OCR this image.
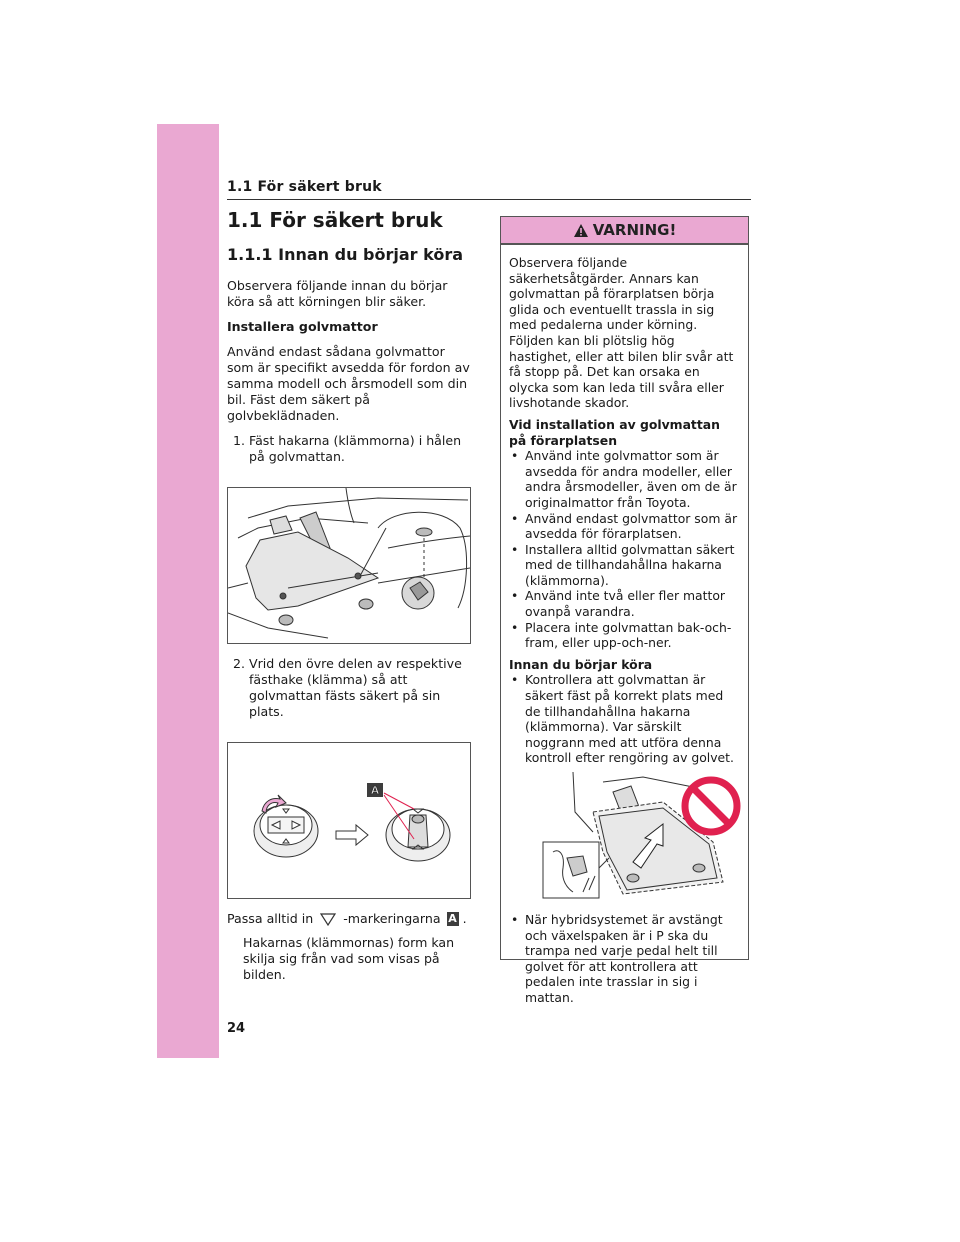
1.1 För säkert bruk
1.1 För säkert bruk
1.1.1 Innan du börjar köra
Observera följande innan du börjar köra så att körningen blir säker.
Installera golvmattor
Använd endast sådana golvmattor som är specifikt avsedda för fordon av samma modell och årsmodell som din bil. Fäst dem säkert på golvbeklädnaden.
1. Fäst hakarna (klämmorna) i hålen på golvmattan.
2. Vrid den övre delen av respektive fästhake (klämma) så att golvmattan fästs säkert på sin plats.
A
Passa alltid in -markeringarna A .
Hakarnas (klämmornas) form kan skilja sig från vad som visas på bilden.
VARNING!
Observera följande säkerhetsåtgärder. Annars kan golvmattan på förarplatsen börja glida och eventuellt trassla in sig med pedalerna under körning. Följden kan bli plötslig hög hastighet, eller att bilen blir svår att få stopp på. Det kan orsaka en olycka som kan leda till svåra eller livshotande skador.
Vid installation av golvmattan på förarplatsen
• Använd inte golvmattor som är avsedda för andra modeller, eller andra årsmodeller, även om de är originalmattor från Toyota.
• Använd endast golvmattor som är avsedda för förarplatsen.
• Installera alltid golvmattan säkert med de tillhandahållna hakarna (klämmorna).
• Använd inte två eller fler mattor ovanpå varandra.
• Placera inte golvmattan bak-och-fram, eller upp-och-ner.
Innan du börjar köra
• Kontrollera att golvmattan är säkert fäst på korrekt plats med de tillhandahållna hakarna (klämmorna). Var särskilt noggrann med att utföra denna kontroll efter rengöring av golvet.
• När hybridsystemet är avstängt och växelspaken är i P ska du trampa ned varje pedal helt till golvet för att kontrollera att pedalen inte trasslar in sig i mattan.
24
